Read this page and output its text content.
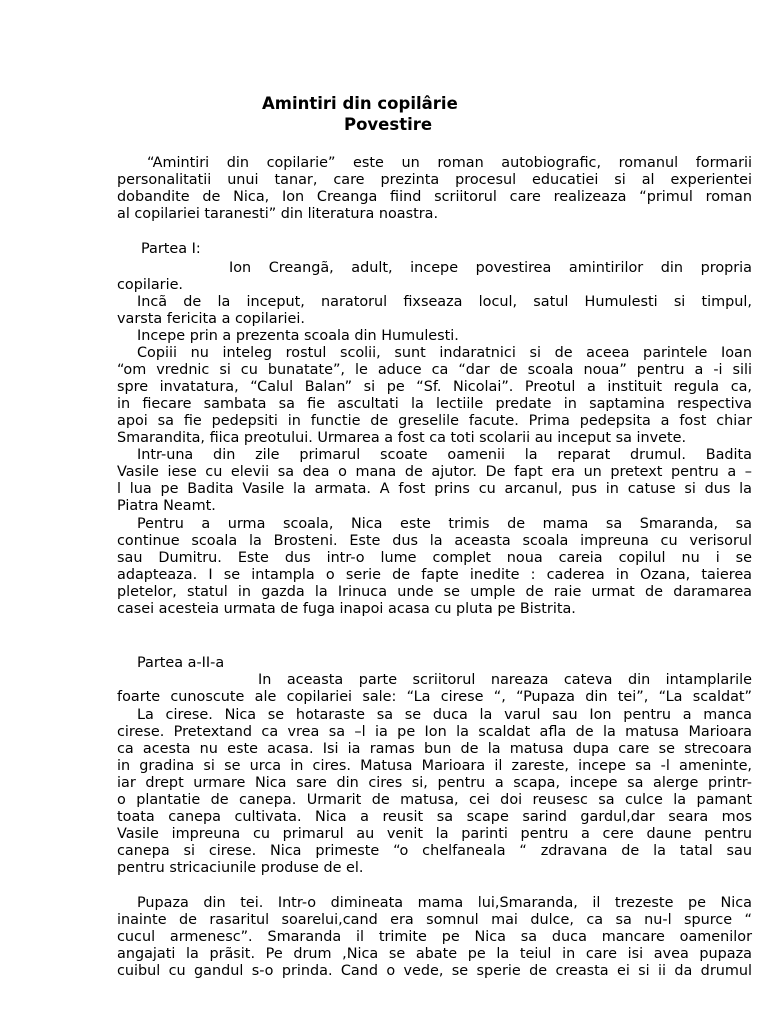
Amintiri din copilârie
Povestire
“Amintiri din copilarie” este un roman autobiografic, romanul formarii
personalitatii unui tanar, care prezinta procesul educatiei si al experientei
dobandite de Nica, Ion Creanga fiind scriitorul care realizeaza “primul roman
al copilariei taranesti” din literatura noastra.
Partea I:
Ion Creangã, adult, incepe povestirea amintirilor din propria
copilarie.
Incã de la inceput, naratorul fixseaza locul, satul Humulesti si timpul,
varsta fericita a copilariei.
Incepe prin a prezenta scoala din Humulesti.
Copiii nu inteleg rostul scolii, sunt indaratnici si de aceea parintele Ioan
“om vrednic si cu bunatate”, le aduce ca “dar de scoala noua” pentru a -i sili
spre invatatura, “Calul Balan” si pe “Sf. Nicolai”. Preotul a instituit regula ca,
in fiecare sambata sa fie ascultati la lectiile predate in saptamina respectiva
apoi sa fie pedepsiti in functie de greselile facute. Prima pedepsita a fost chiar
Smarandita, fiica preotului. Urmarea a fost ca toti scolarii au inceput sa invete.
Intr-una din zile primarul scoate oamenii la reparat drumul. Badita
Vasile iese cu elevii sa dea o mana de ajutor. De fapt era un pretext pentru a –
l lua pe Badita Vasile la armata. A fost prins cu arcanul, pus in catuse si dus la
Piatra Neamt.
Pentru a urma scoala, Nica este trimis de mama sa Smaranda, sa
continue scoala la Brosteni. Este dus la aceasta scoala impreuna cu verisorul
sau Dumitru. Este dus intr-o lume complet noua careia copilul nu i se
adapteaza. I se intampla o serie de fapte inedite : caderea in Ozana, taierea
pletelor, statul in gazda la Irinuca unde se umple de raie urmat de daramarea
casei acesteia urmata de fuga inapoi acasa cu pluta pe Bistrita.
Partea a-II-a
In aceasta parte scriitorul nareaza cateva din intamplarile
foarte cunoscute ale copilariei sale: “La cirese “, “Pupaza din tei”, “La scaldat”
La cirese. Nica se hotaraste sa se duca la varul sau Ion pentru a manca
cirese. Pretextand ca vrea sa –l ia pe Ion la scaldat afla de la matusa Marioara
ca acesta nu este acasa. Isi ia ramas bun de la matusa dupa care se strecoara
in gradina si se urca in cires. Matusa Marioara il zareste, incepe sa -l ameninte,
iar drept urmare Nica sare din cires si, pentru a scapa, incepe sa alerge printr-
o plantatie de canepa. Urmarit de matusa, cei doi reusesc sa culce la pamant
toata canepa cultivata. Nica a reusit sa scape sarind gardul,dar seara mos
Vasile impreuna cu primarul au venit la parinti pentru a cere daune pentru
canepa si cirese. Nica primeste “o chelfaneala “ zdravana de la tatal sau
pentru stricaciunile produse de el.
Pupaza din tei. Intr-o dimineata mama lui,Smaranda, il trezeste pe Nica
inainte de rasaritul soarelui,cand era somnul mai dulce, ca sa nu-l spurce “
cucul armenesc”. Smaranda il trimite pe Nica sa duca mancare oamenilor
angajati la prãsit. Pe drum ,Nica se abate pe la teiul in care isi avea pupaza
cuibul cu gandul s-o prinda. Cand o vede, se sperie de creasta ei si ii da drumul
